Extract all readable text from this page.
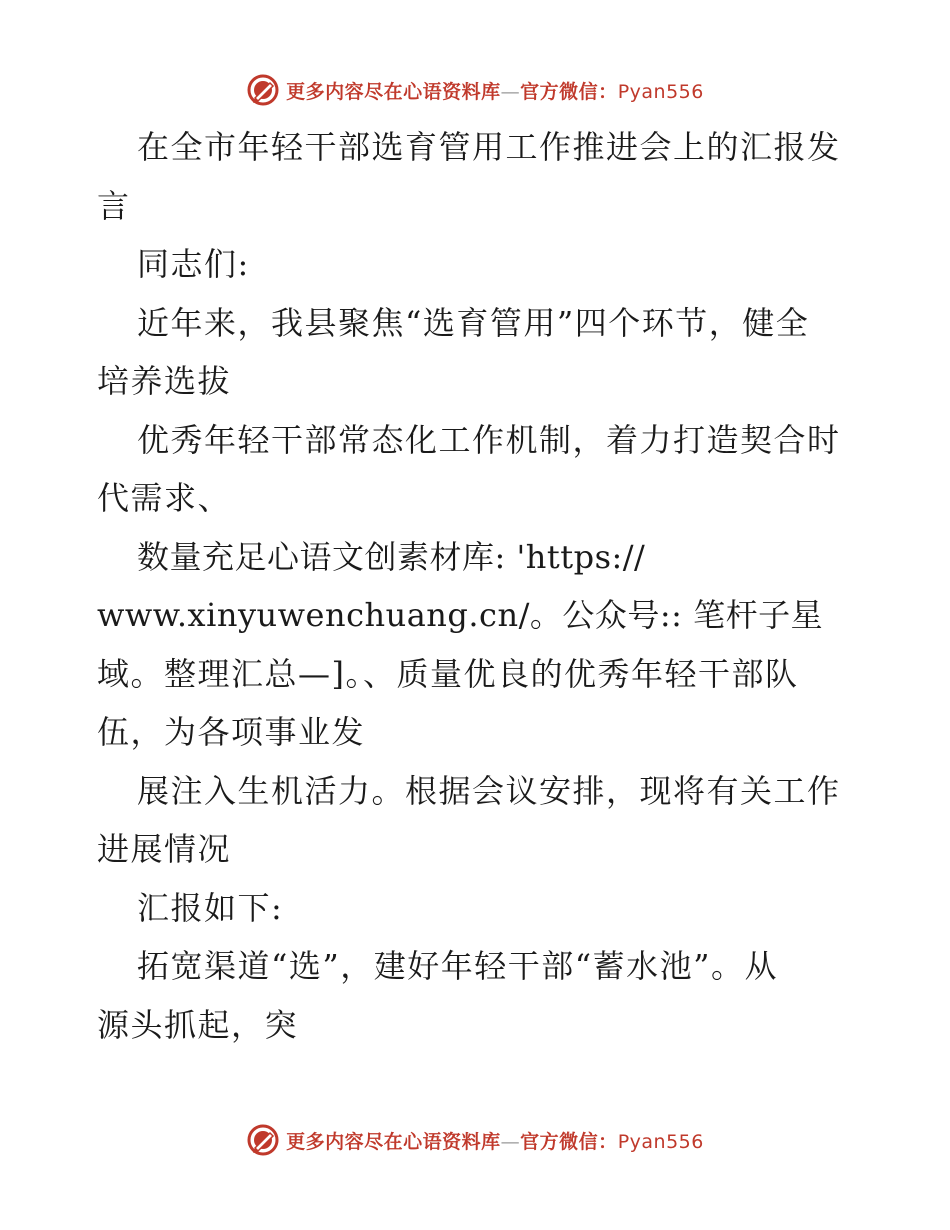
更多内容尽在心语资料库—官方微信：Pyan556

在全市年轻干部选育管用工作推进会上的汇报发

言

同志们:

近年来，我县聚焦“选育管用”四个环节，健全

培养选拔

优秀年轻干部常态化工作机制，着力打造契合时

代需求、

数量充足心语文创素材库: 'https://

www.xinyuwenchuang.cn/。公众号:: 笔杆子星

域。整理汇总—]。、质量优良的优秀年轻干部队

伍，为各项事业发

展注入生机活力。根据会议安排，现将有关工作

进展情况

汇报如下:

拓宽渠道“选”，建好年轻干部“蓄水池”。从

源头抓起，突

更多内容尽在心语资料库—官方微信：Pyan556
